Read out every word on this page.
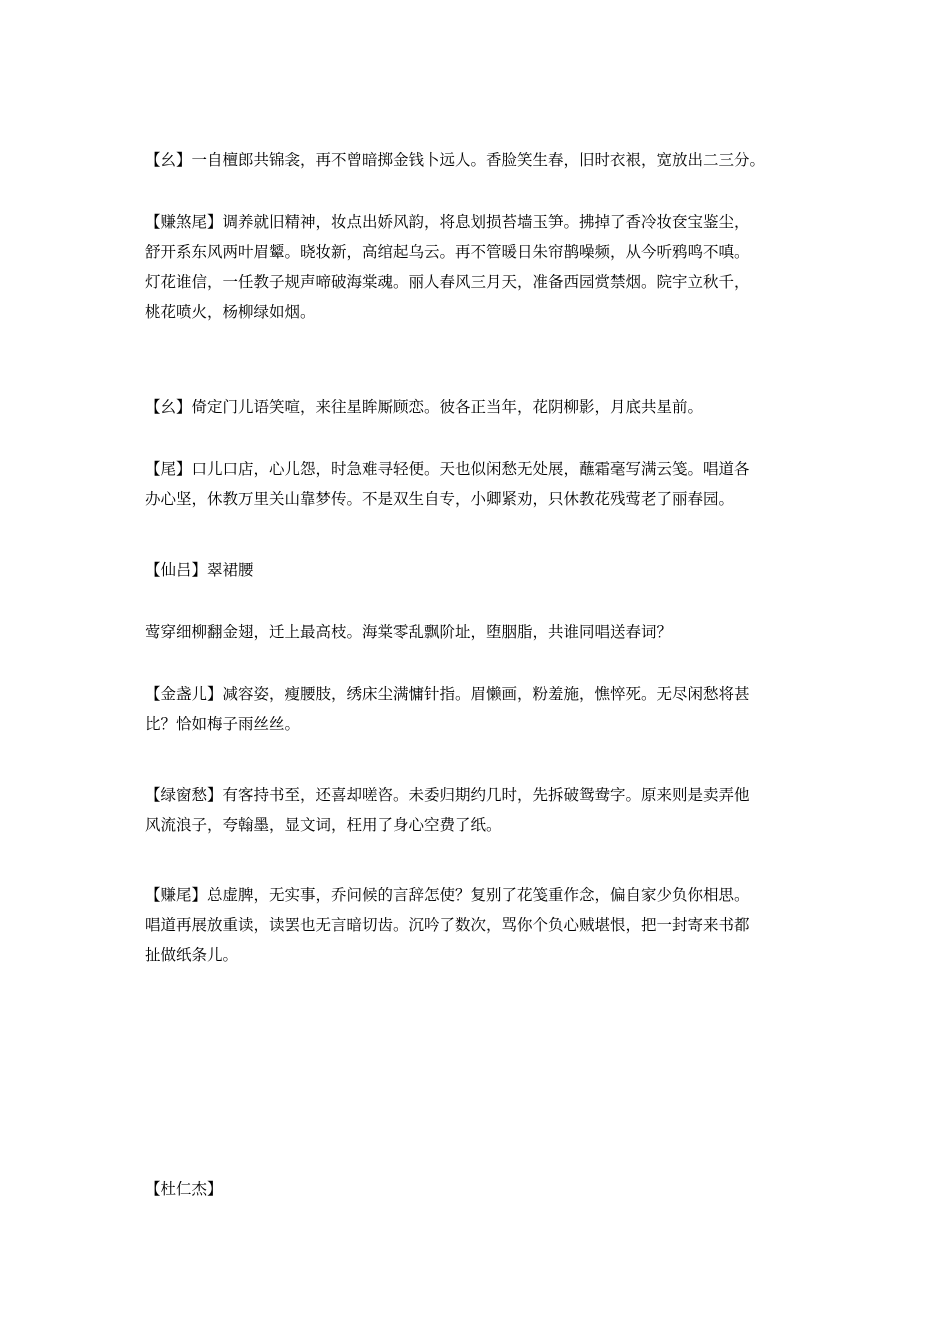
【幺】一自檀郎共锦衾，再不曾暗掷金钱卜远人。香脸笑生春，旧时衣裉，宽放出二三分。

【赚煞尾】调养就旧精神，妆点出娇风韵，将息划损苔墙玉笋。拂掉了香冷妆奁宝鉴尘，
舒开系东风两叶眉颦。晓妆新，高绾起乌云。再不管暖日朱帘鹊噪频，从今听鸦鸣不嗔。
灯花谁信，一任教子规声啼破海棠魂。丽人春风三月天，准备西园赏禁烟。院宇立秋千，
桃花喷火，杨柳绿如烟。

【幺】倚定门儿语笑喧，来往星眸厮顾恋。彼各正当年，花阴柳影，月底共星前。

【尾】口儿口店，心儿怨，时急难寻轻便。天也似闲愁无处展，蘸霜毫写满云笺。唱道各
办心坚，休教万里关山靠梦传。不是双生自专，小卿紧劝，只休教花残莺老了丽春园。

【仙吕】翠裙腰

莺穿细柳翻金翅，迁上最高枝。海棠零乱飘阶址，堕胭脂，共谁同唱送春词？

【金盏儿】减容姿，瘦腰肢，绣床尘满慵针指。眉懒画，粉羞施，憔悴死。无尽闲愁将甚
比？恰如梅子雨丝丝。

【绿窗愁】有客持书至，还喜却嗟咨。未委归期约几时，先拆破鸳鸯字。原来则是卖弄他
风流浪子，夸翰墨，显文词，枉用了身心空费了纸。

【赚尾】总虚脾，无实事，乔问候的言辞怎使？复别了花笺重作念，偏自家少负你相思。
唱道再展放重读，读罢也无言暗切齿。沉吟了数次，骂你个负心贼堪恨，把一封寄来书都
扯做纸条儿。

【杜仁杰】
